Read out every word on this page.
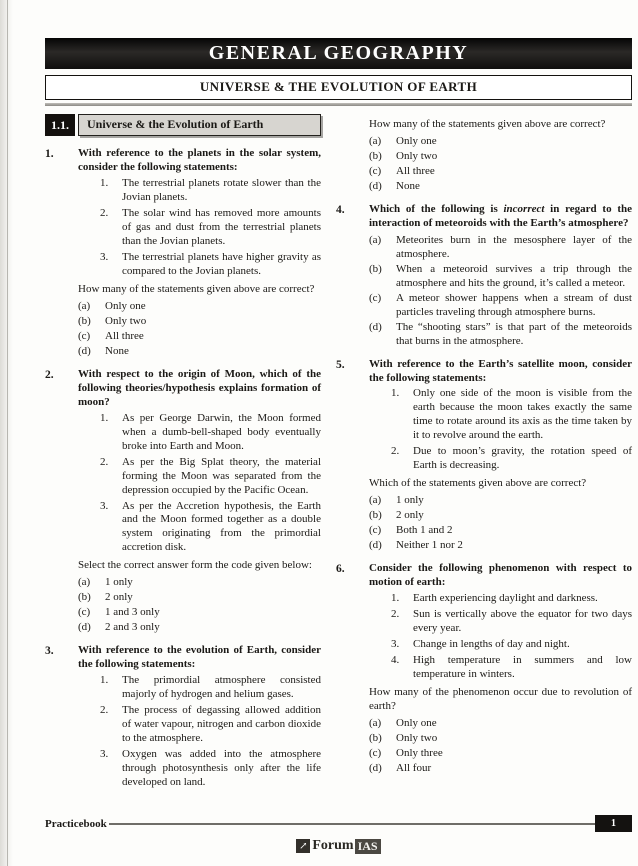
GENERAL GEOGRAPHY
UNIVERSE & THE EVOLUTION OF EARTH
1.1.	Universe & the Evolution of Earth
1.	With reference to the planets in the solar system, consider the following statements:
1.	The terrestrial planets rotate slower than the Jovian planets.
2.	The solar wind has removed more amounts of gas and dust from the terrestrial planets than the Jovian planets.
3.	The terrestrial planets have higher gravity as compared to the Jovian planets.
How many of the statements given above are correct?
(a)	Only one
(b)	Only two
(c)	All three
(d)	None
2.	With respect to the origin of Moon, which of the following theories/hypothesis explains formation of moon?
1.	As per George Darwin, the Moon formed when a dumb-bell-shaped body eventually broke into Earth and Moon.
2.	As per the Big Splat theory, the material forming the Moon was separated from the depression occupied by the Pacific Ocean.
3.	As per the Accretion hypothesis, the Earth and the Moon formed together as a double system originating from the primordial accretion disk.
Select the correct answer form the code given below:
(a)	1 only
(b)	2 only
(c)	1 and 3 only
(d)	2 and 3 only
3.	With reference to the evolution of Earth, consider the following statements:
1.	The primordial atmosphere consisted majorly of hydrogen and helium gases.
2.	The process of degassing allowed addition of water vapour, nitrogen and carbon dioxide to the atmosphere.
3.	Oxygen was added into the atmosphere through photosynthesis only after the life developed on land.
How many of the statements given above are correct?
(a)	Only one
(b)	Only two
(c)	All three
(d)	None
4.	Which of the following is incorrect in regard to the interaction of meteoroids with the Earth’s atmosphere?
(a)	Meteorites burn in the mesosphere layer of the atmosphere.
(b)	When a meteoroid survives a trip through the atmosphere and hits the ground, it’s called a meteor.
(c)	A meteor shower happens when a stream of dust particles traveling through atmosphere burns.
(d)	The “shooting stars” is that part of the meteoroids that burns in the atmosphere.
5.	With reference to the Earth’s satellite moon, consider the following statements:
1.	Only one side of the moon is visible from the earth because the moon takes exactly the same time to rotate around its axis as the time taken by it to revolve around the earth.
2.	Due to moon’s gravity, the rotation speed of Earth is decreasing.
Which of the statements given above are correct?
(a)	1 only
(b)	2 only
(c)	Both 1 and 2
(d)	Neither 1 nor 2
6.	Consider the following phenomenon with respect to motion of earth:
1.	Earth experiencing daylight and darkness.
2.	Sun is vertically above the equator for two days every year.
3.	Change in lengths of day and night.
4.	High temperature in summers and low temperature in winters.
How many of the phenomenon occur due to revolution of earth?
(a)	Only one
(b)	Only two
(c)	Only three
(d)	All four
Practicebook	1
↗ Forum IAS
